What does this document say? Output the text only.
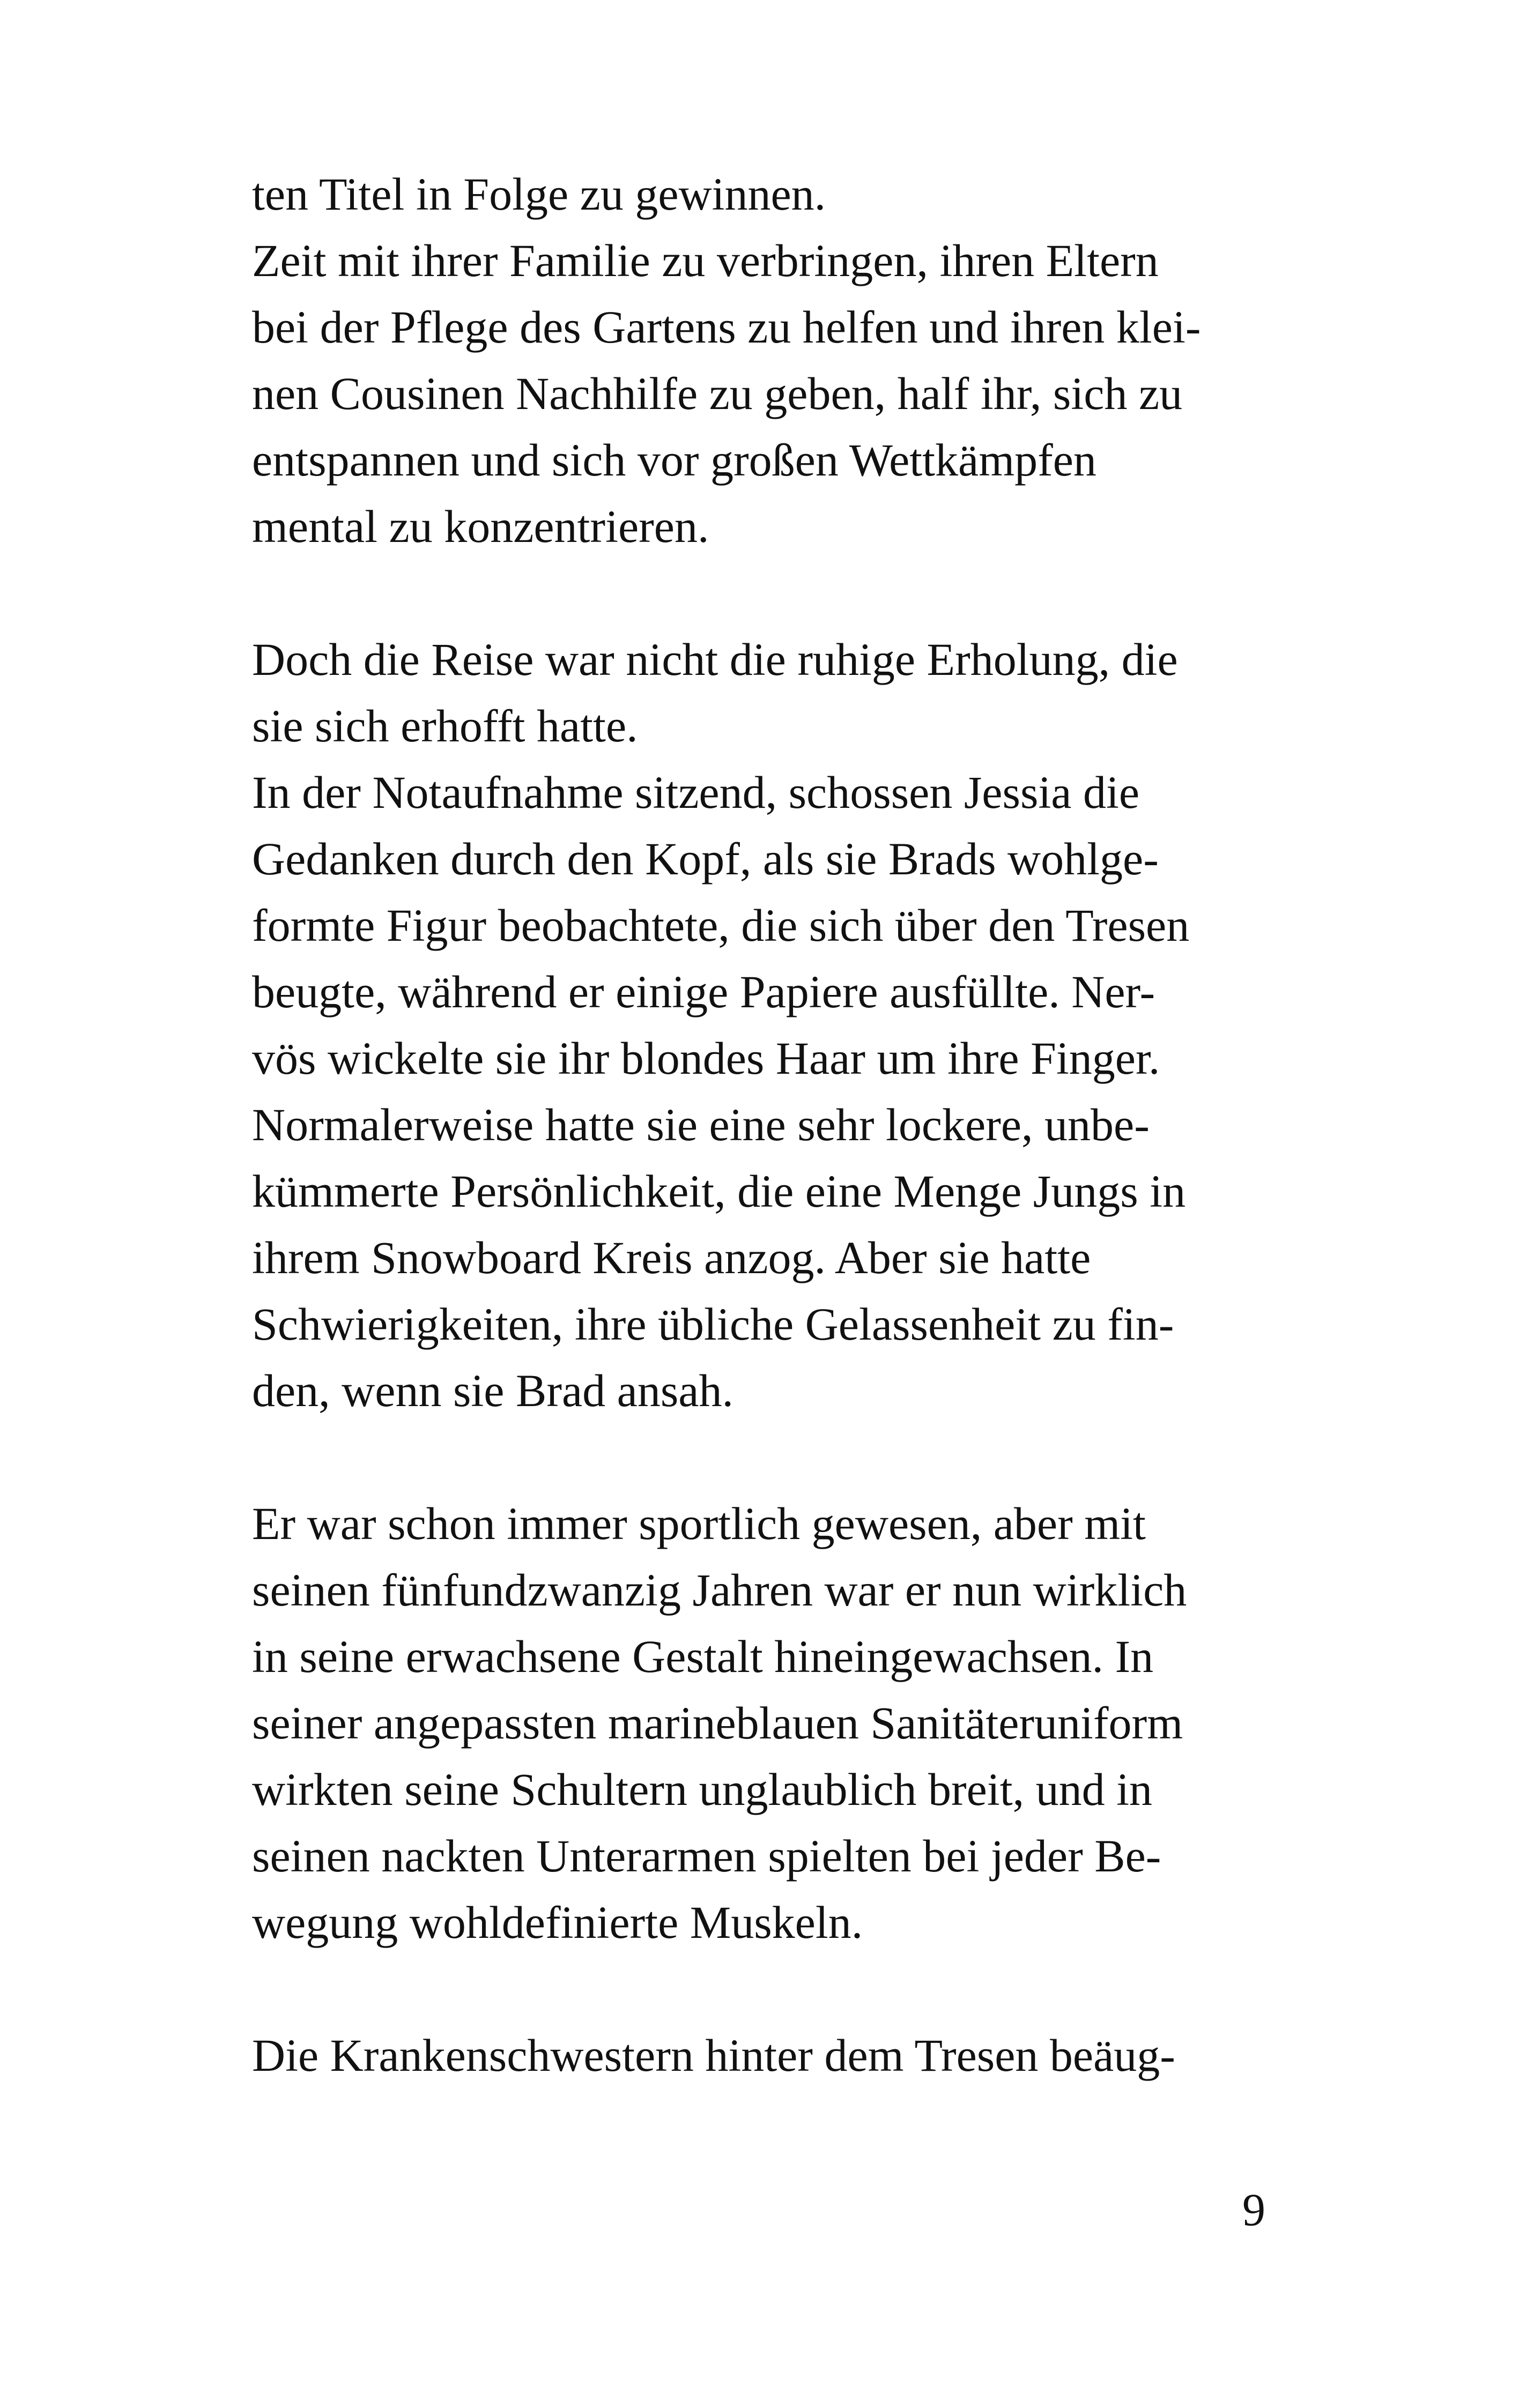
ten Titel in Folge zu gewinnen.
Zeit mit ihrer Familie zu verbringen, ihren Eltern
bei der Pflege des Gartens zu helfen und ihren klei-
nen Cousinen Nachhilfe zu geben, half ihr, sich zu
entspannen und sich vor großen Wettkämpfen
mental zu konzentrieren.
Doch die Reise war nicht die ruhige Erholung, die
sie sich erhofft hatte.
In der Notaufnahme sitzend, schossen Jessia die
Gedanken durch den Kopf, als sie Brads wohlge-
formte Figur beobachtete, die sich über den Tresen
beugte, während er einige Papiere ausfüllte. Ner-
vös wickelte sie ihr blondes Haar um ihre Finger.
Normalerweise hatte sie eine sehr lockere, unbe-
kümmerte Persönlichkeit, die eine Menge Jungs in
ihrem Snowboard Kreis anzog. Aber sie hatte
Schwierigkeiten, ihre übliche Gelassenheit zu fin-
den, wenn sie Brad ansah.
Er war schon immer sportlich gewesen, aber mit
seinen fünfundzwanzig Jahren war er nun wirklich
in seine erwachsene Gestalt hineingewachsen. In
seiner angepassten marineblauen Sanitäteruniform
wirkten seine Schultern unglaublich breit, und in
seinen nackten Unterarmen spielten bei jeder Be-
wegung wohldefinierte Muskeln.
Die Krankenschwestern hinter dem Tresen beäug-
9
